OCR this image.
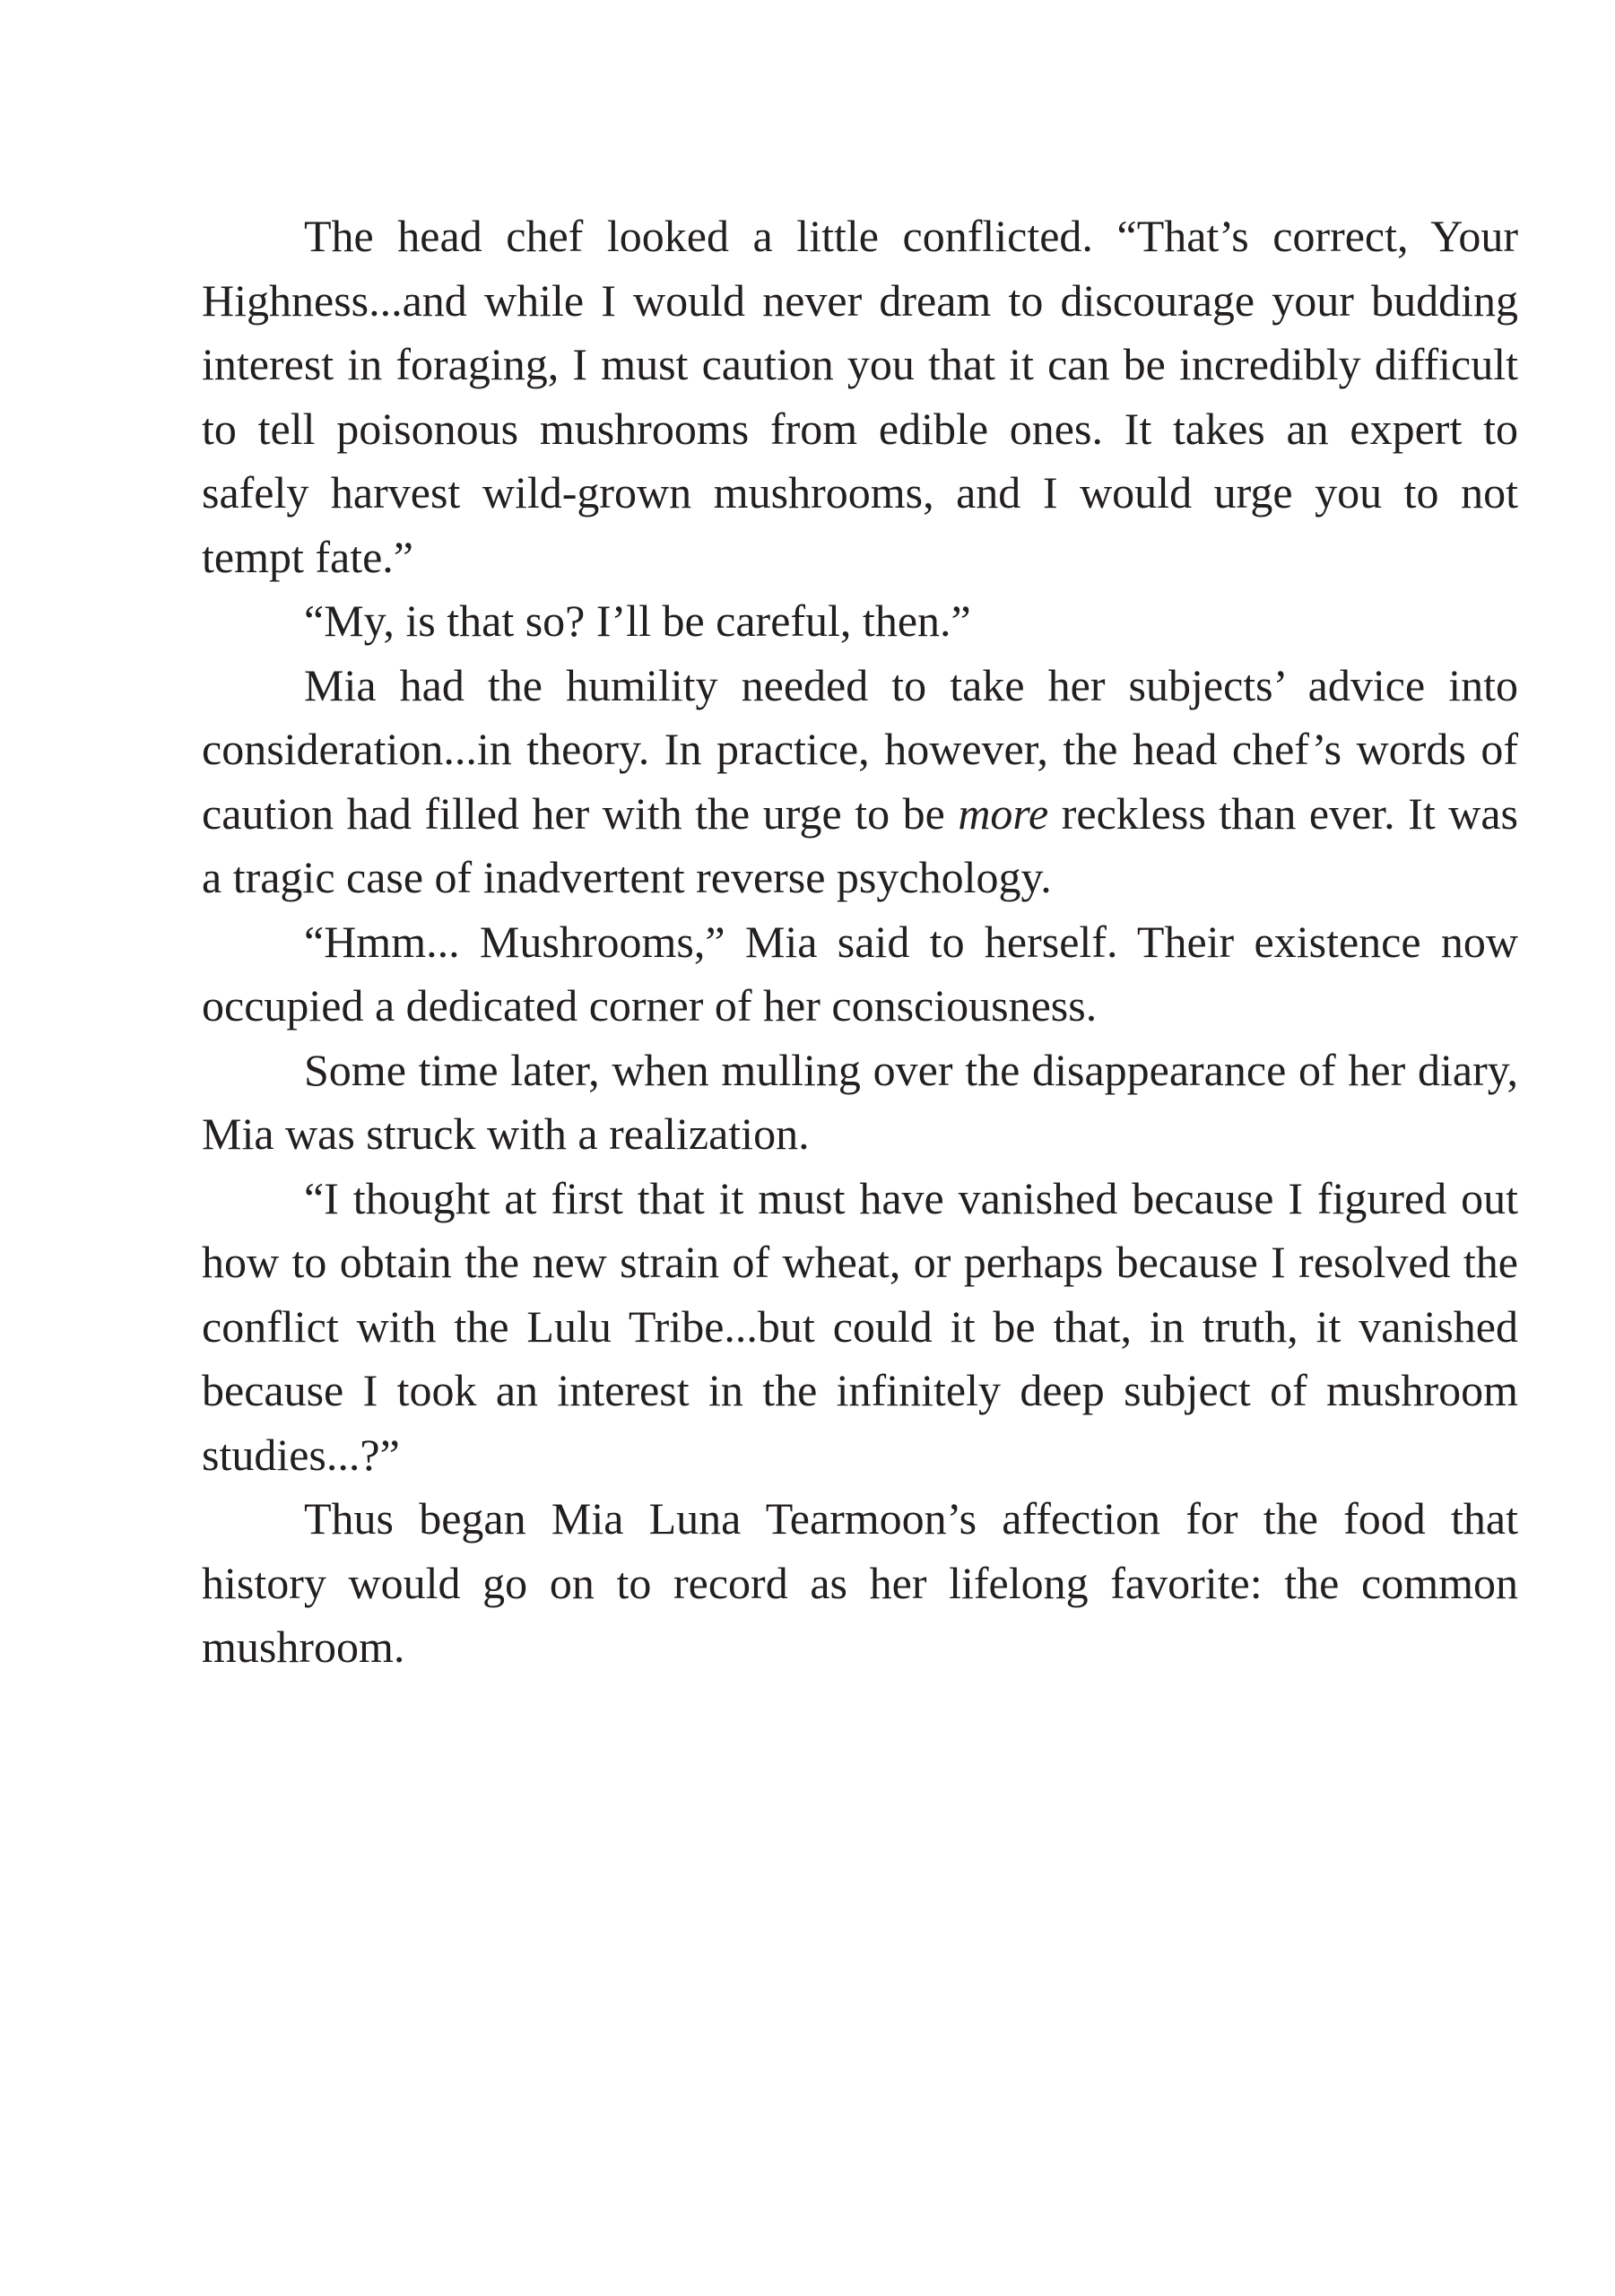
The head chef looked a little conflicted. “That’s correct, Your Highness...and while I would never dream to discourage your budding interest in foraging, I must caution you that it can be incredibly difficult to tell poisonous mushrooms from edible ones. It takes an expert to safely harvest wild-grown mushrooms, and I would urge you to not tempt fate.”

“My, is that so? I’ll be careful, then.”

Mia had the humility needed to take her subjects’ advice into consideration...in theory. In practice, however, the head chef’s words of caution had filled her with the urge to be more reckless than ever. It was a tragic case of inadvertent reverse psychology.

“Hmm... Mushrooms,” Mia said to herself. Their existence now occupied a dedicated corner of her consciousness.

Some time later, when mulling over the disappearance of her diary, Mia was struck with a realization.

“I thought at first that it must have vanished because I figured out how to obtain the new strain of wheat, or perhaps because I resolved the conflict with the Lulu Tribe...but could it be that, in truth, it vanished because I took an interest in the infinitely deep subject of mushroom studies...?”

Thus began Mia Luna Tearmoon’s affection for the food that history would go on to record as her lifelong favorite: the common mushroom.
